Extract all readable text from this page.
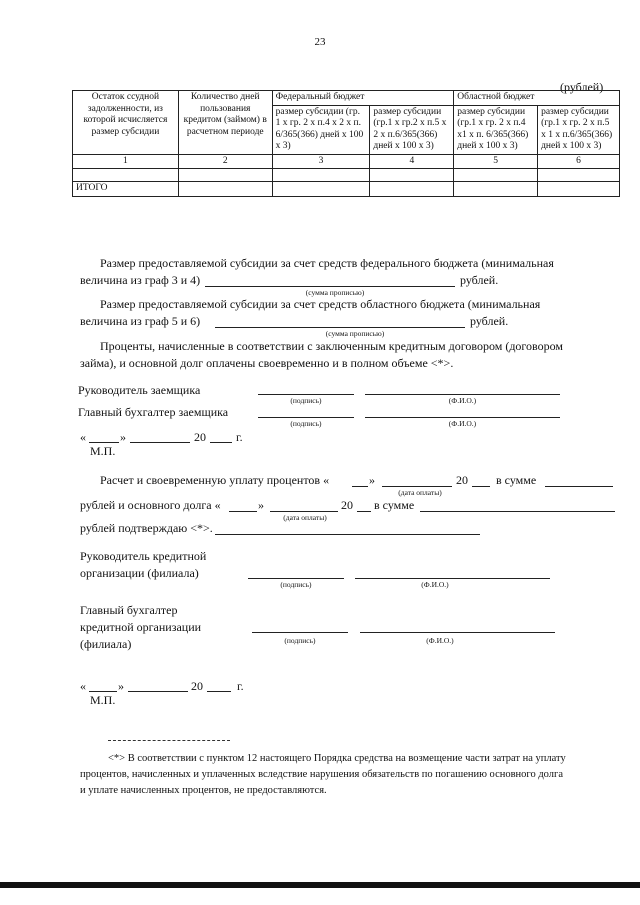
23
(рублей)
Остаток ссудной задолженности, из которой исчисляется размер субсидии	Количество дней пользования кредитом (займом) в расчетном периоде	Федеральный бюджет		Областной бюджет	
		размер субсидии (гр. 1 x гр. 2 x п.4 x 2 x п. 6/365(366) дней x 100 x 3)	размер субсидии (гр.1 x гр.2 x п.5 x 2 x п.6/365(366) дней x 100 x 3)	размер субсидии (гр.1 x гр. 2 x п.4 x1 x п. 6/365(366) дней x 100 x 3)	размер субсидии (гр.1 x гр. 2 x п.5 x 1 x п.6/365(366) дней x 100 x 3)
1	2	3	4	5	6

ИТОГО					
Размер предоставляемой субсидии за счет средств федерального бюджета (минимальная
величина из граф 3 и 4)	рублей.
(сумма прописью)
Размер предоставляемой субсидии за счет средств областного бюджета (минимальная
величина из граф 5 и 6)	рублей.
(сумма прописью)
Проценты, начисленные в соответствии с заключенным кредитным договором (договором
займа), и основной долг оплачены своевременно и в полном объеме <*>.
Руководитель заемщика
(подпись)	(Ф.И.О.)
Главный бухгалтер заемщика
(подпись)	(Ф.И.О.)
«	»	20	г.
М.П.
Расчет и своевременную уплату процентов «	»	20 в сумме
(дата оплаты)
рублей и основного долга «	»	20 в сумме
(дата оплаты)
рублей подтверждаю <*>.
Руководитель кредитной
организации (филиала)
(подпись)	(Ф.И.О.)
Главный бухгалтер
кредитной организации
(филиала)	(подпись)	(Ф.И.О.)
«	»	20	г.
М.П.
<*> В соответствии с пунктом 12 настоящего Порядка средства на возмещение части затрат на уплату
процентов, начисленных и уплаченных вследствие нарушения обязательств по погашению основного долга
и уплате начисленных процентов, не предоставляются.
